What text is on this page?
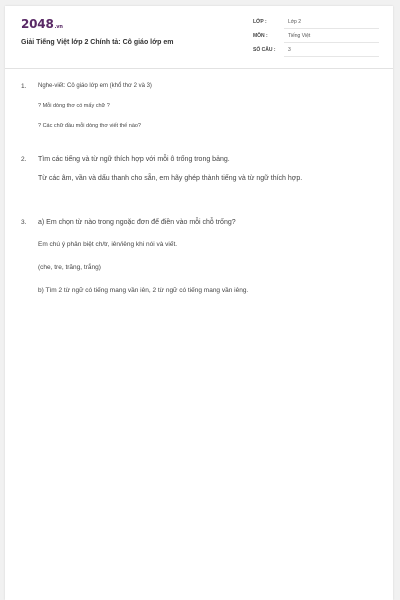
2048.vn
Giải Tiếng Việt lớp 2 Chính tả: Cô giáo lớp em
LỚP :	Lớp 2
MÔN :	Tiếng Việt
SỐ CÂU :	3
1. Nghe-viết: Cô giáo lớp em (khổ thơ 2 và 3)
? Mỗi dòng thơ có mấy chữ ?
? Các chữ đầu mỗi dòng thơ viết thế nào?
2. Tìm các tiếng và từ ngữ thích hợp với mỗi ô trống trong bảng.
Từ các âm, vần và dấu thanh cho sẵn, em hãy ghép thành tiếng và từ ngữ thích hợp.
3. a) Em chọn từ nào trong ngoặc đơn để điền vào mỗi chỗ trống?
Em chú ý phân biệt ch/tr, iên/iêng khi nói và viết.
(che, tre, trăng, trắng)
b) Tìm 2 từ ngữ có tiếng mang vần iên, 2 từ ngữ có tiếng mang vần iêng.
